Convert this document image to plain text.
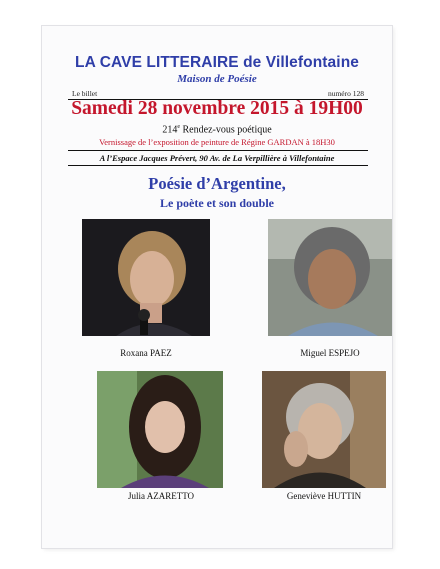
LA CAVE LITTERAIRE de Villefontaine
Maison de Poésie
Le billet	numéro 128
Samedi 28 novembre 2015 à 19H00
214e Rendez-vous poétique
Vernissage de l’exposition de peinture de Régine GARDAN à 18H30
A l’Espace Jacques Prévert, 90 Av. de La Verpillière à Villefontaine
Poésie d’Argentine,
Le poète et son double
Roxana PAEZ	Miguel ESPEJO
Julia AZARETTO	Geneviève HUTTIN
